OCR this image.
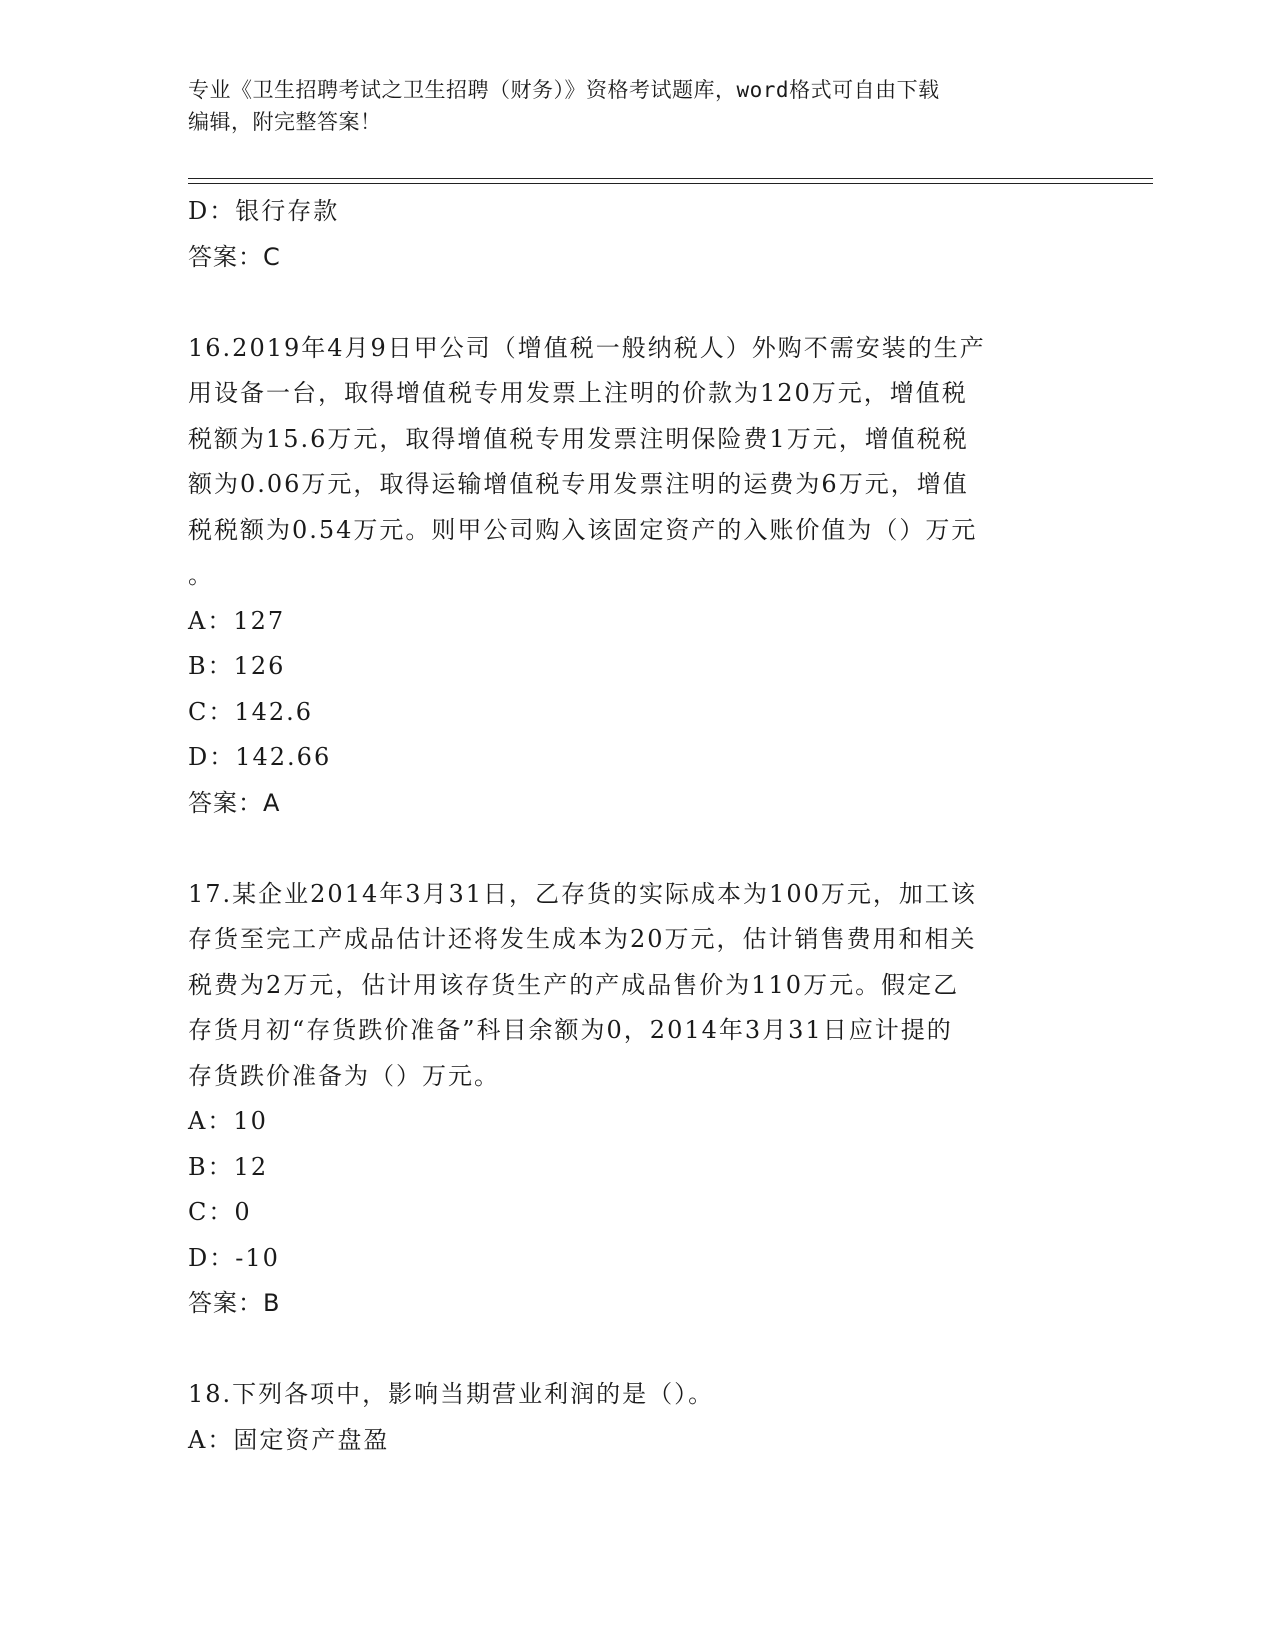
专业《卫生招聘考试之卫生招聘（财务）》资格考试题库，word格式可自由下载
编辑，附完整答案！
D：银行存款
答案：C
16.2019年4月9日甲公司（增值税一般纳税人）外购不需安装的生产
用设备一台，取得增值税专用发票上注明的价款为120万元，增值税
税额为15.6万元，取得增值税专用发票注明保险费1万元，增值税税
额为0.06万元，取得运输增值税专用发票注明的运费为6万元，增值
税税额为0.54万元。则甲公司购入该固定资产的入账价值为（）万元
。
A：127
B：126
C：142.6
D：142.66
答案：A
17.某企业2014年3月31日，乙存货的实际成本为100万元，加工该
存货至完工产成品估计还将发生成本为20万元，估计销售费用和相关
税费为2万元，估计用该存货生产的产成品售价为110万元。假定乙
存货月初“存货跌价准备”科目余额为0，2014年3月31日应计提的
存货跌价准备为（）万元。
A：10
B：12
C：0
D：-10
答案：B
18.下列各项中，影响当期营业利润的是（）。
A：固定资产盘盈
